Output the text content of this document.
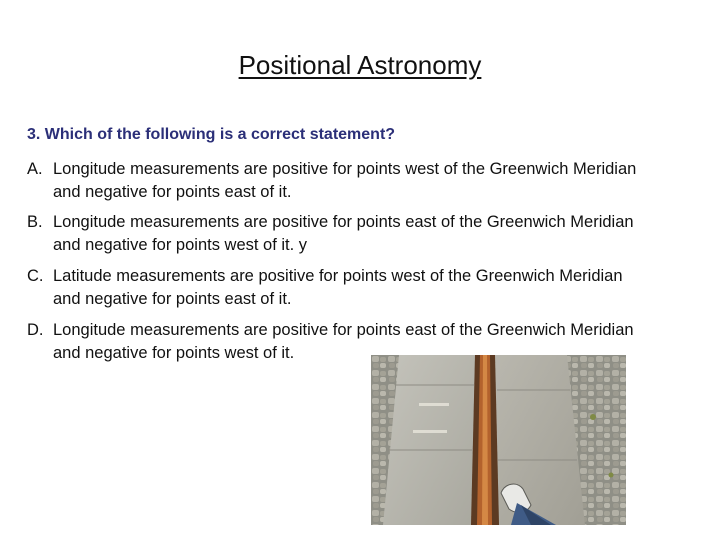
Positional Astronomy
3. Which of the following is a correct statement?
A. Longitude measurements are positive for points west of the Greenwich Meridian
and negative for points east of it.
B. Longitude measurements are positive for points east of the Greenwich Meridian
and negative for points west of it. y
C. Latitude measurements are positive for points west of the Greenwich Meridian
and negative for points east of it.
D. Longitude measurements are positive for points east of the Greenwich Meridian
and negative for points west of it.
